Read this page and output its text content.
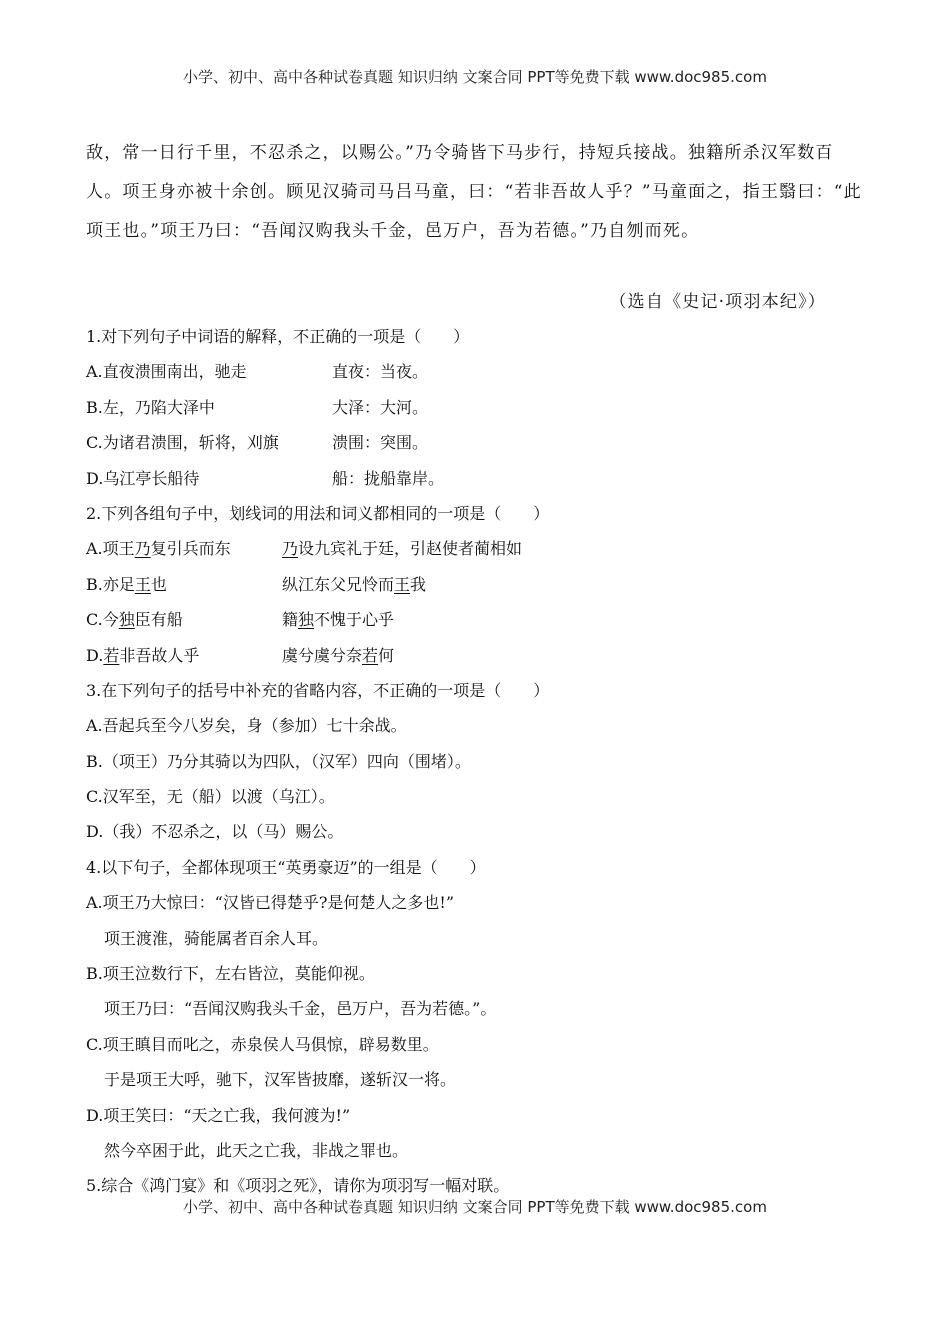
小学、初中、高中各种试卷真题 知识归纳 文案合同 PPT等免费下载 www.doc985.com

敌，常一日行千里，不忍杀之，以赐公。”乃令骑皆下马步行，持短兵接战。独籍所杀汉军数百人。项王身亦被十余创。顾见汉骑司马吕马童，曰：“若非吾故人乎？”马童面之，指王翳曰：“此项王也。”项王乃曰：“吾闻汉购我头千金，邑万户，吾为若德。”乃自刎而死。

（选自《史记·项羽本纪》）
1.对下列句子中词语的解释，不正确的一项是（　　）
A.直夜溃围南出，驰走	直夜：当夜。
B.左，乃陷大泽中	大泽：大河。
C.为诸君溃围，斩将，刈旗	溃围：突围。
D.乌江亭长船待	船：拢船靠岸。
2.下列各组句子中，划线词的用法和词义都相同的一项是（　　）
A.项王乃复引兵而东	乃设九宾礼于廷，引赵使者蔺相如
B.亦足王也	纵江东父兄怜而王我
C.今独臣有船	籍独不愧于心乎
D.若非吾故人乎	虞兮虞兮奈若何
3.在下列句子的括号中补充的省略内容，不正确的一项是（　　）
A.吾起兵至今八岁矣，身（参加）七十余战。
B.（项王）乃分其骑以为四队，（汉军）四向（围堵）。
C.汉军至，无（船）以渡（乌江）。
D.（我）不忍杀之，以（马）赐公。
4.以下句子，全都体现项王“英勇豪迈”的一组是（　　）
A.项王乃大惊曰：“汉皆已得楚乎?是何楚人之多也!”
项王渡淮，骑能属者百余人耳。
B.项王泣数行下，左右皆泣，莫能仰视。
项王乃曰：“吾闻汉购我头千金，邑万户，吾为若德。”。
C.项王瞋目而叱之，赤泉侯人马俱惊，辟易数里。
于是项王大呼，驰下，汉军皆披靡，遂斩汉一将。
D.项王笑曰：“天之亡我，我何渡为!”
然今卒困于此，此天之亡我，非战之罪也。
5.综合《鸿门宴》和《项羽之死》，请你为项羽写一幅对联。
小学、初中、高中各种试卷真题 知识归纳 文案合同 PPT等免费下载 www.doc985.com
